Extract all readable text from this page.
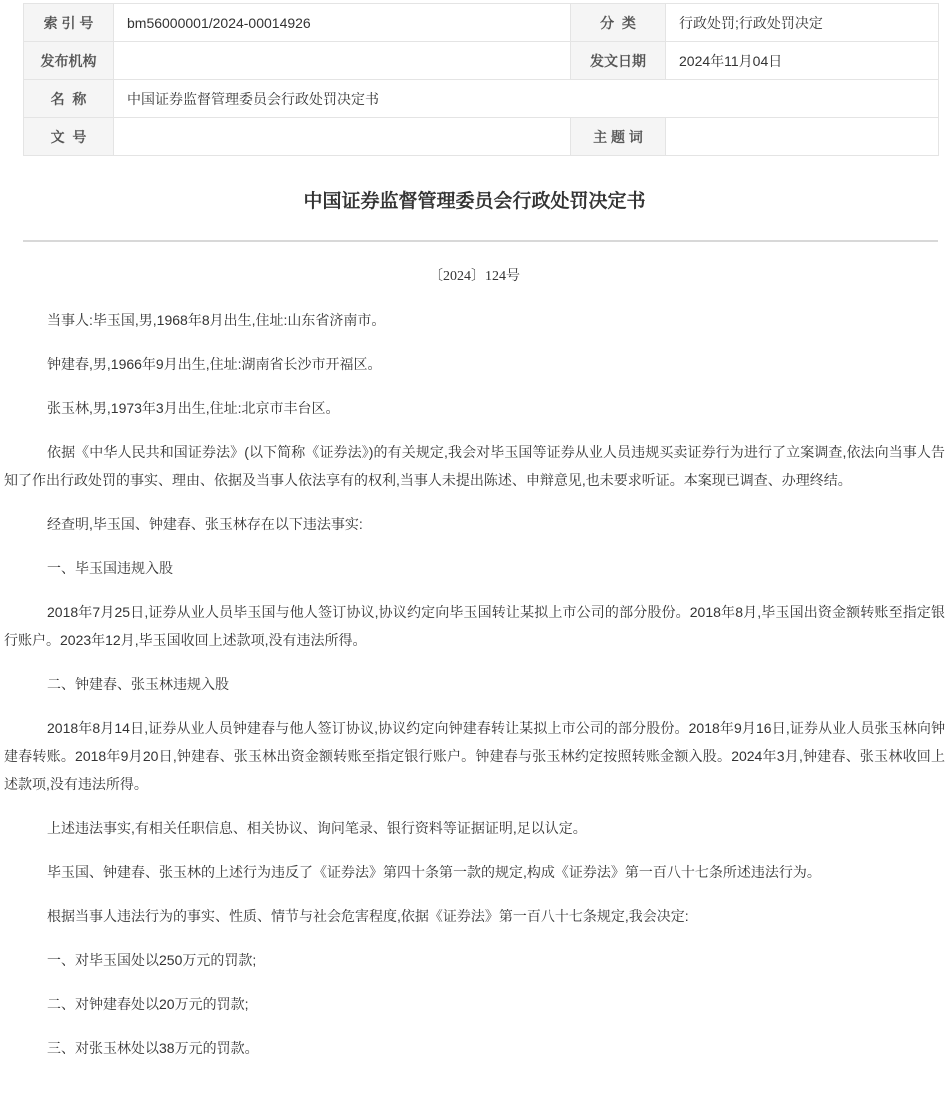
索 引 号	bm56000001/2024-00014926	分  类	行政处罚;行政处罚决定
发布机构		发文日期	2024年11月04日
名  称	中国证券监督管理委员会行政处罚决定书		
文  号		主 题 词	
中国证券监督管理委员会行政处罚决定书

〔2024〕124号

当事人:毕玉国,男,1968年8月出生,住址:山东省济南市。

钟建春,男,1966年9月出生,住址:湖南省长沙市开福区。

张玉林,男,1973年3月出生,住址:北京市丰台区。

依据《中华人民共和国证券法》(以下简称《证券法》)的有关规定,我会对毕玉国等证券从业人员违规买卖证券行为进行了立案调查,依法向当事人告知了作出行政处罚的事实、理由、依据及当事人依法享有的权利,当事人未提出陈述、申辩意见,也未要求听证。本案现已调查、办理终结。

经查明,毕玉国、钟建春、张玉林存在以下违法事实:

一、毕玉国违规入股

2018年7月25日,证券从业人员毕玉国与他人签订协议,协议约定向毕玉国转让某拟上市公司的部分股份。2018年8月,毕玉国出资金额转账至指定银行账户。2023年12月,毕玉国收回上述款项,没有违法所得。

二、钟建春、张玉林违规入股

2018年8月14日,证券从业人员钟建春与他人签订协议,协议约定向钟建春转让某拟上市公司的部分股份。2018年9月16日,证券从业人员张玉林向钟建春转账。2018年9月20日,钟建春、张玉林出资金额转账至指定银行账户。钟建春与张玉林约定按照转账金额入股。2024年3月,钟建春、张玉林收回上述款项,没有违法所得。

上述违法事实,有相关任职信息、相关协议、询问笔录、银行资料等证据证明,足以认定。

毕玉国、钟建春、张玉林的上述行为违反了《证券法》第四十条第一款的规定,构成《证券法》第一百八十七条所述违法行为。

根据当事人违法行为的事实、性质、情节与社会危害程度,依据《证券法》第一百八十七条规定,我会决定:

一、对毕玉国处以250万元的罚款;

二、对钟建春处以20万元的罚款;

三、对张玉林处以38万元的罚款。
